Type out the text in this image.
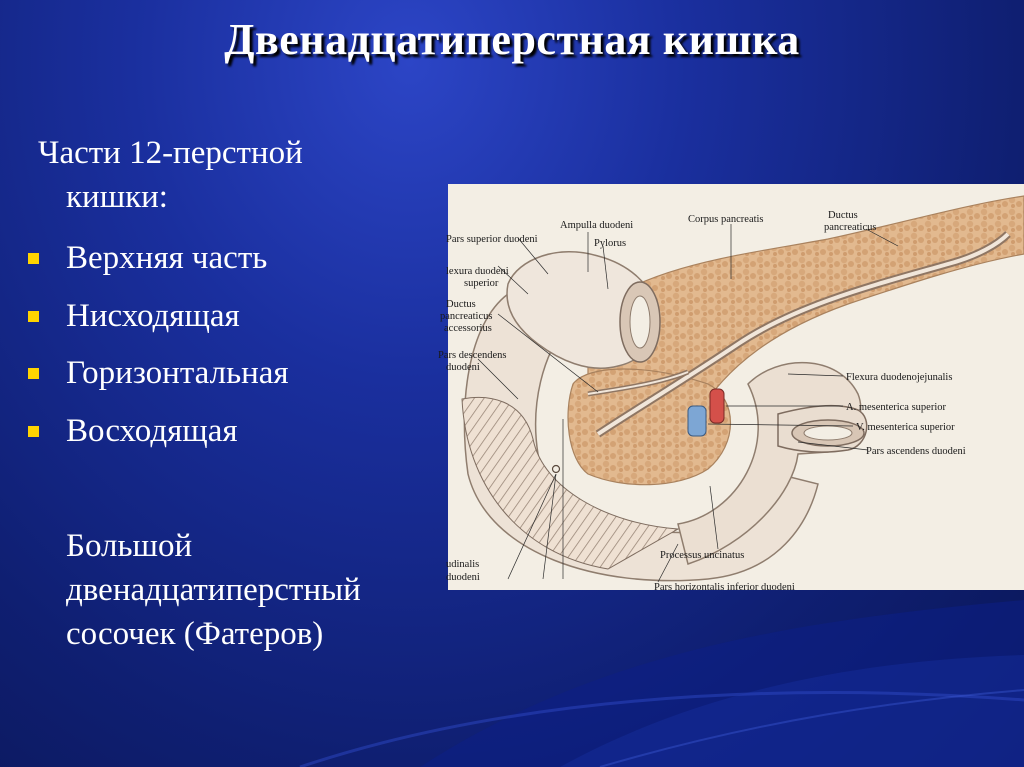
Двенадцатиперстная кишка
Части 12-перстной
кишки:
Верхняя часть
Нисходящая
Горизонтальная
Восходящая
Большой
двенадцатиперстный
сосочек (Фатеров)
Ampulla duodeni
Pylorus
Corpus pancreatis	Ductus
pancreaticus
Pars superior duodeni
lexura duodeni
superior
Ductus
pancreaticus
accessorius
Pars descendens
duodeni
Flexura duodenojejunalis
A. mesenterica superior
V. mesenterica superior
Pars ascendens duodeni
Processus uncinatus
Pars horizontalis inferior duodeni
udinalis
duodeni
